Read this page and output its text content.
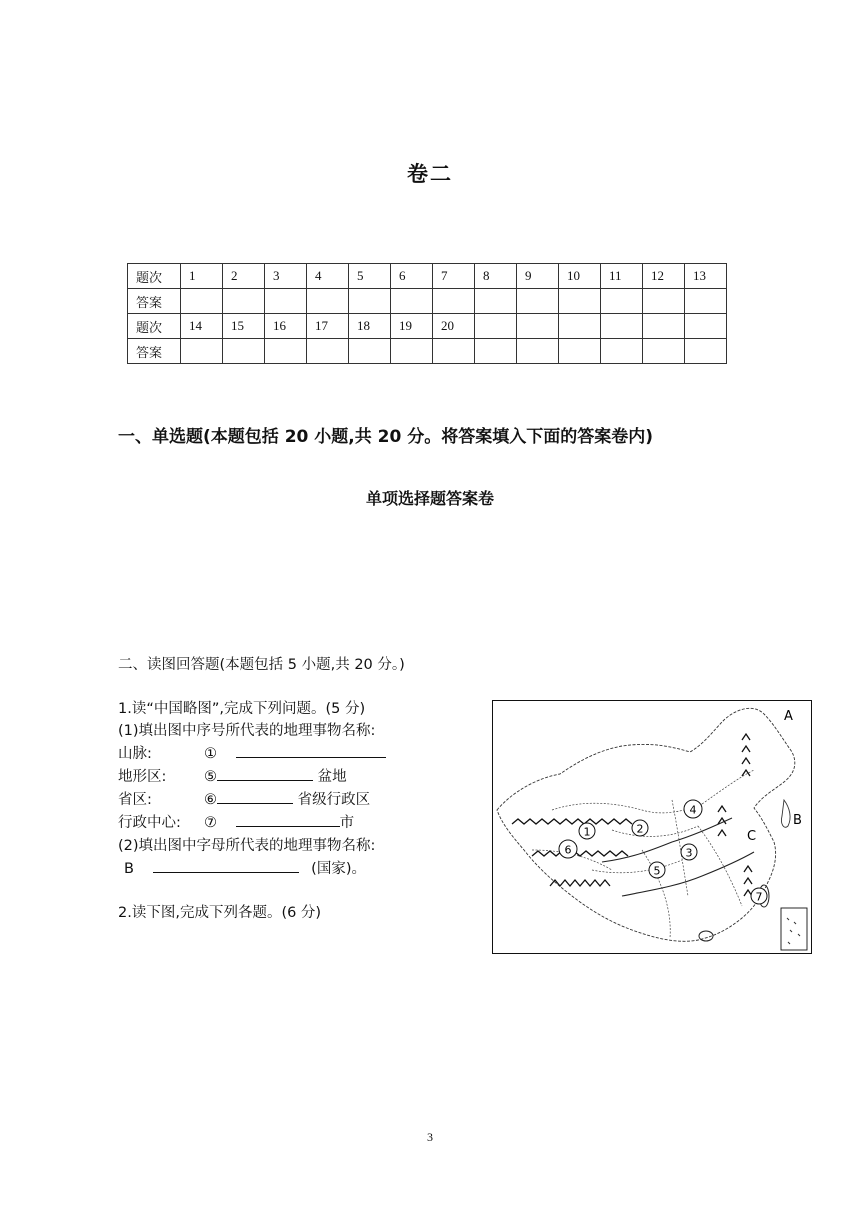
卷二
题次	1	2	3	4	5	6	7	8	9	10	11	12	13
答案													
题次	14	15	16	17	18	19	20						
答案													
一、单选题(本题包括 20 小题,共 20 分。将答案填入下面的答案卷内)
单项选择题答案卷
二、读图回答题(本题包括 5 小题,共 20 分。)
1.读“中国略图”,完成下列问题。(5 分)
(1)填出图中序号所代表的地理事物名称:
山脉:	①
地形区:	⑤	盆地
省区:	⑥	省级行政区
行政中心: ⑦	市
(2)填出图中字母所代表的地理事物名称:
B	(国家)。
2.读下图,完成下列各题。(6 分)
1	2
3
4
5
6
7
A
B
C
3
